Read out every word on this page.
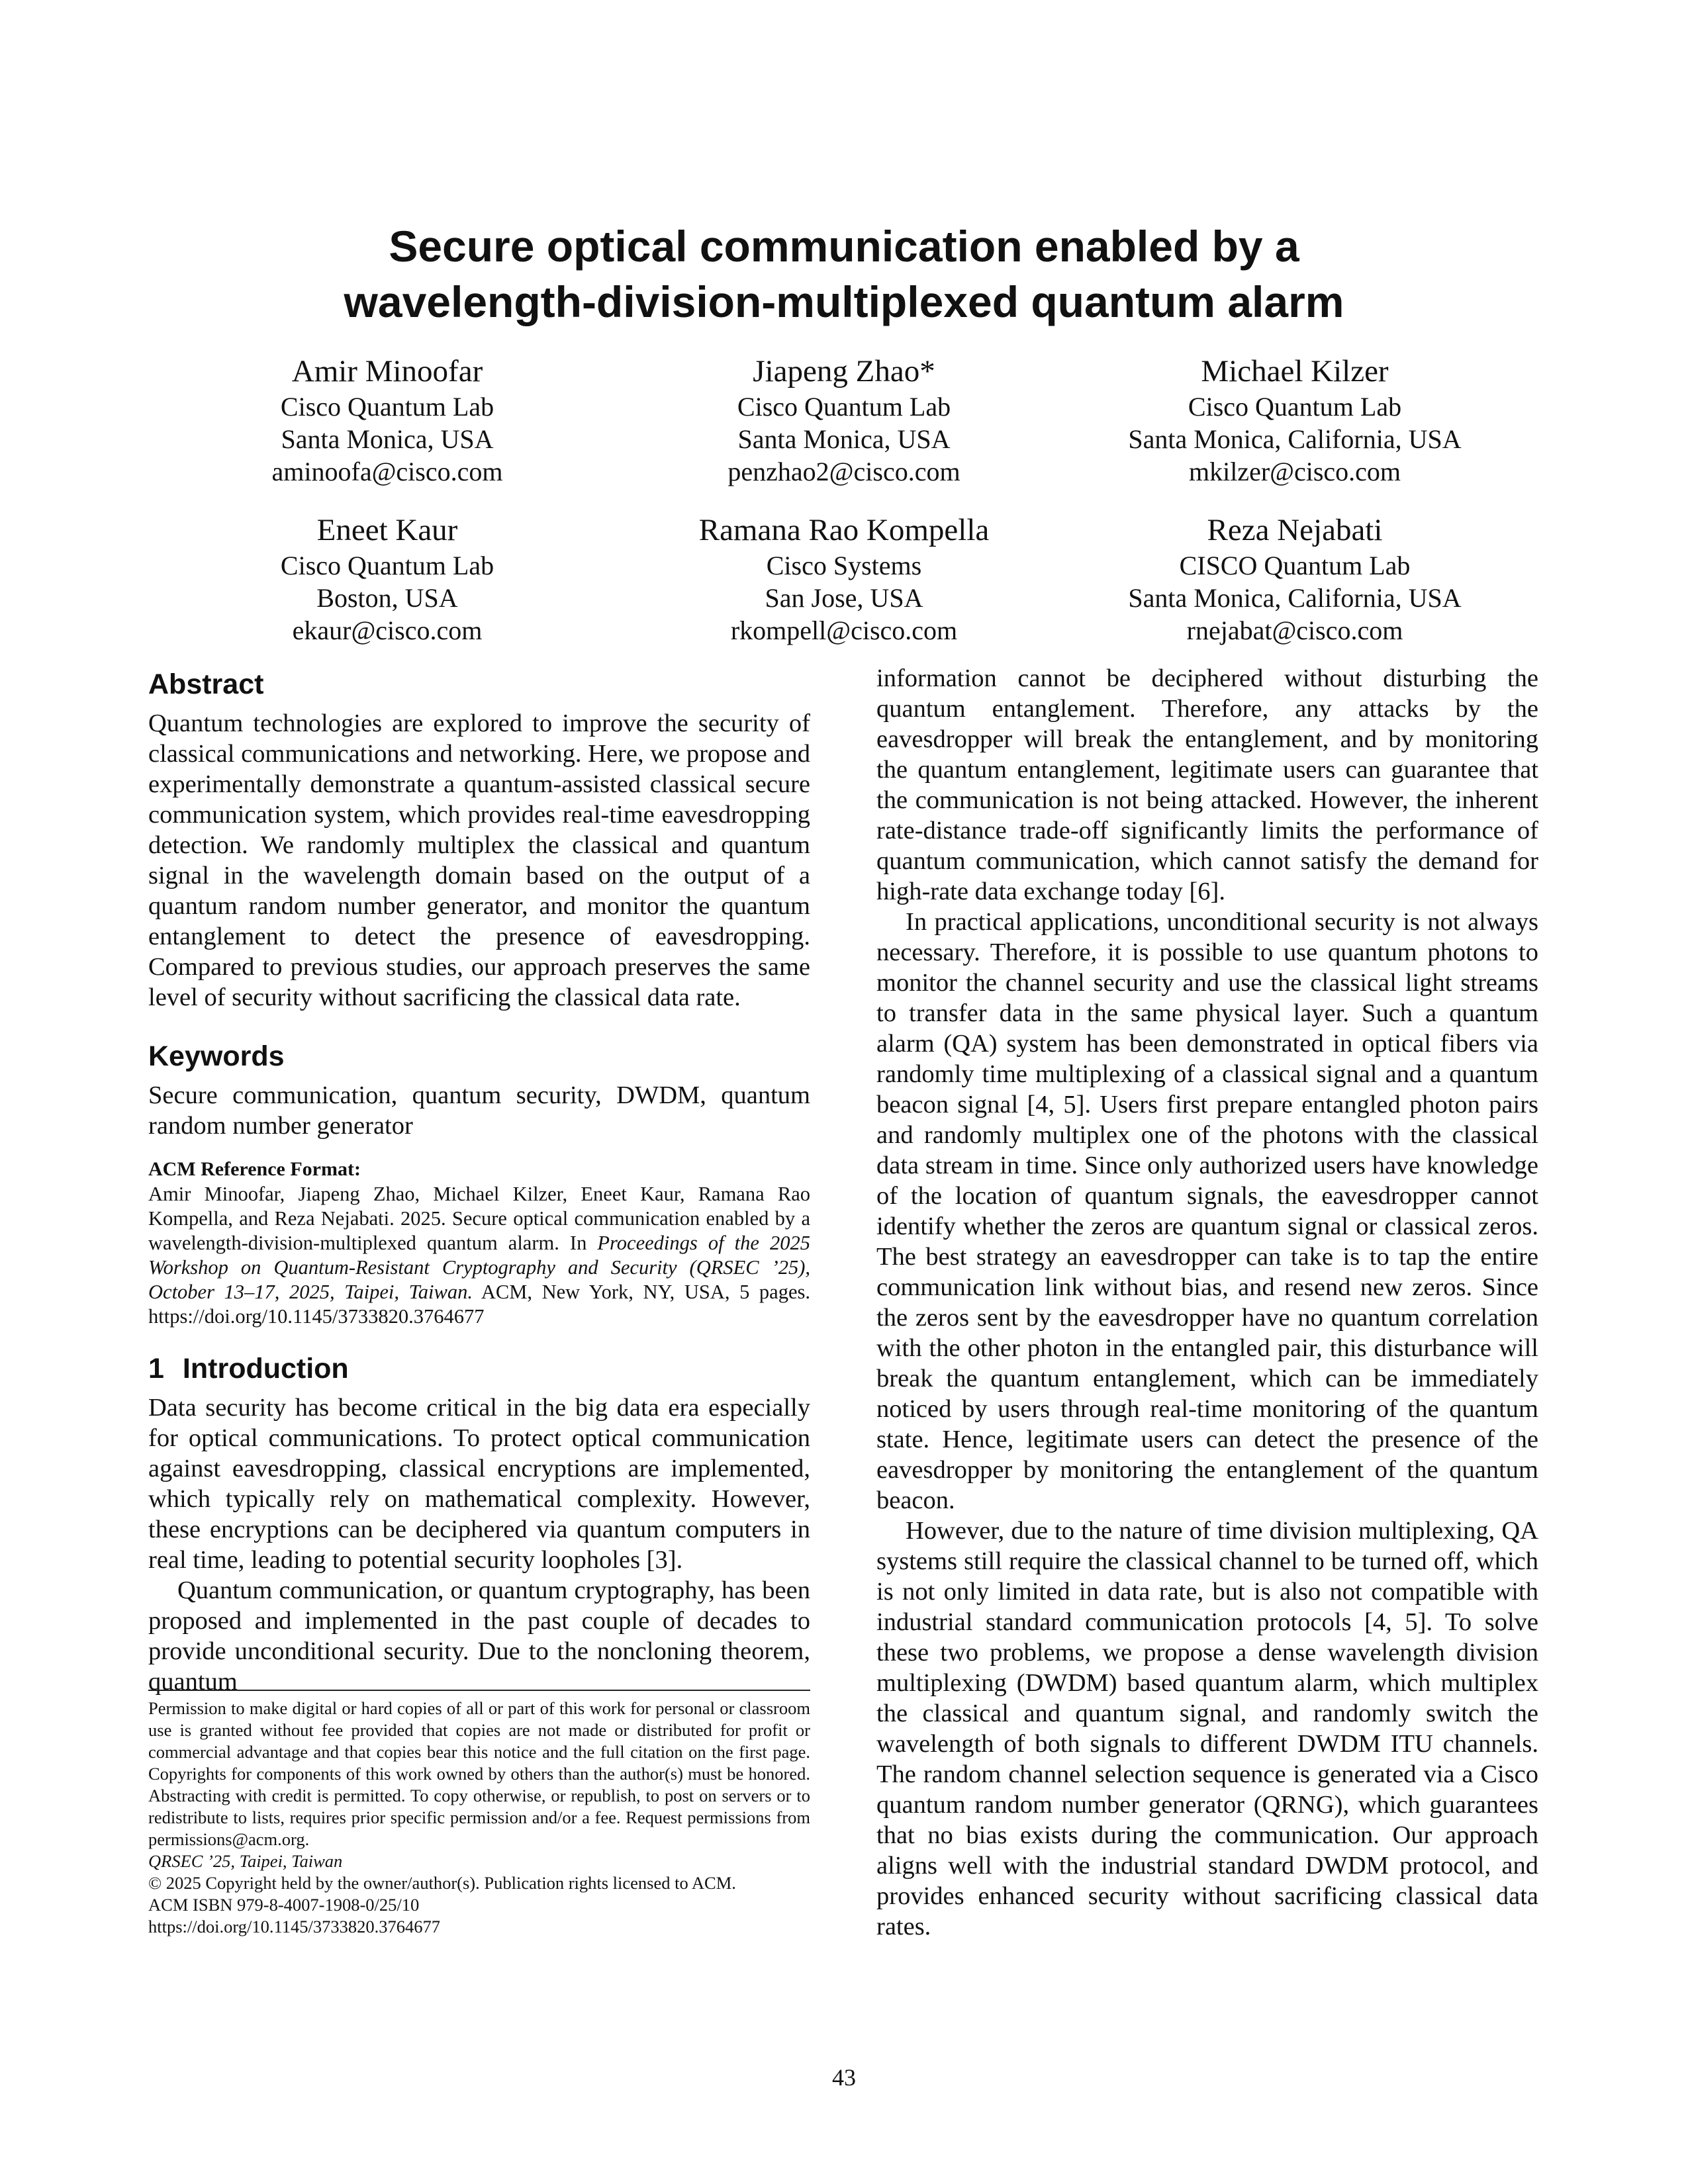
Secure optical communication enabled by a
wavelength-division-multiplexed quantum alarm
Amir Minoofar
Cisco Quantum Lab
Santa Monica, USA
aminoofa@cisco.com
Jiapeng Zhao*
Cisco Quantum Lab
Santa Monica, USA
penzhao2@cisco.com
Michael Kilzer
Cisco Quantum Lab
Santa Monica, California, USA
mkilzer@cisco.com
Eneet Kaur
Cisco Quantum Lab
Boston, USA
ekaur@cisco.com
Ramana Rao Kompella
Cisco Systems
San Jose, USA
rkompell@cisco.com
Reza Nejabati
CISCO Quantum Lab
Santa Monica, California, USA
rnejabat@cisco.com
Abstract

Quantum technologies are explored to improve the security of classical communications and networking. Here, we propose and experimentally demonstrate a quantum-assisted classical secure communication system, which provides real-time eavesdropping detection. We randomly multiplex the classical and quantum signal in the wavelength domain based on the output of a quantum random number generator, and monitor the quantum entanglement to detect the presence of eavesdropping. Compared to previous studies, our approach preserves the same level of security without sacrificing the classical data rate.

Keywords

Secure communication, quantum security, DWDM, quantum random number generator

ACM Reference Format:

Amir Minoofar, Jiapeng Zhao, Michael Kilzer, Eneet Kaur, Ramana Rao Kompella, and Reza Nejabati. 2025. Secure optical communication enabled by a wavelength-division-multiplexed quantum alarm. In Proceedings of the 2025 Workshop on Quantum-Resistant Cryptography and Security (QRSEC ’25), October 13–17, 2025, Taipei, Taiwan. ACM, New York, NY, USA, 5 pages. https://doi.org/10.1145/3733820.3764677

1 Introduction

Data security has become critical in the big data era especially for optical communications. To protect optical communication against eavesdropping, classical encryptions are implemented, which typically rely on mathematical complexity. However, these encryptions can be deciphered via quantum computers in real time, leading to potential security loopholes [3].

Quantum communication, or quantum cryptography, has been proposed and implemented in the past couple of decades to provide unconditional security. Due to the noncloning theorem, quantum

Permission to make digital or hard copies of all or part of this work for personal or classroom use is granted without fee provided that copies are not made or distributed for profit or commercial advantage and that copies bear this notice and the full citation on the first page. Copyrights for components of this work owned by others than the author(s) must be honored. Abstracting with credit is permitted. To copy otherwise, or republish, to post on servers or to redistribute to lists, requires prior specific permission and/or a fee. Request permissions from permissions@acm.org.
QRSEC ’25, Taipei, Taiwan
© 2025 Copyright held by the owner/author(s). Publication rights licensed to ACM.
ACM ISBN 979-8-4007-1908-0/25/10
https://doi.org/10.1145/3733820.3764677

information cannot be deciphered without disturbing the quantum entanglement. Therefore, any attacks by the eavesdropper will break the entanglement, and by monitoring the quantum entanglement, legitimate users can guarantee that the communication is not being attacked. However, the inherent rate-distance trade-off significantly limits the performance of quantum communication, which cannot satisfy the demand for high-rate data exchange today [6].

In practical applications, unconditional security is not always necessary. Therefore, it is possible to use quantum photons to monitor the channel security and use the classical light streams to transfer data in the same physical layer. Such a quantum alarm (QA) system has been demonstrated in optical fibers via randomly time multiplexing of a classical signal and a quantum beacon signal [4, 5]. Users first prepare entangled photon pairs and randomly multiplex one of the photons with the classical data stream in time. Since only authorized users have knowledge of the location of quantum signals, the eavesdropper cannot identify whether the zeros are quantum signal or classical zeros. The best strategy an eavesdropper can take is to tap the entire communication link without bias, and resend new zeros. Since the zeros sent by the eavesdropper have no quantum correlation with the other photon in the entangled pair, this disturbance will break the quantum entanglement, which can be immediately noticed by users through real-time monitoring of the quantum state. Hence, legitimate users can detect the presence of the eavesdropper by monitoring the entanglement of the quantum beacon.

However, due to the nature of time division multiplexing, QA systems still require the classical channel to be turned off, which is not only limited in data rate, but is also not compatible with industrial standard communication protocols [4, 5]. To solve these two problems, we propose a dense wavelength division multiplexing (DWDM) based quantum alarm, which multiplex the classical and quantum signal, and randomly switch the wavelength of both signals to different DWDM ITU channels. The random channel selection sequence is generated via a Cisco quantum random number generator (QRNG), which guarantees that no bias exists during the communication. Our approach aligns well with the industrial standard DWDM protocol, and provides enhanced security without sacrificing classical data rates.

43
